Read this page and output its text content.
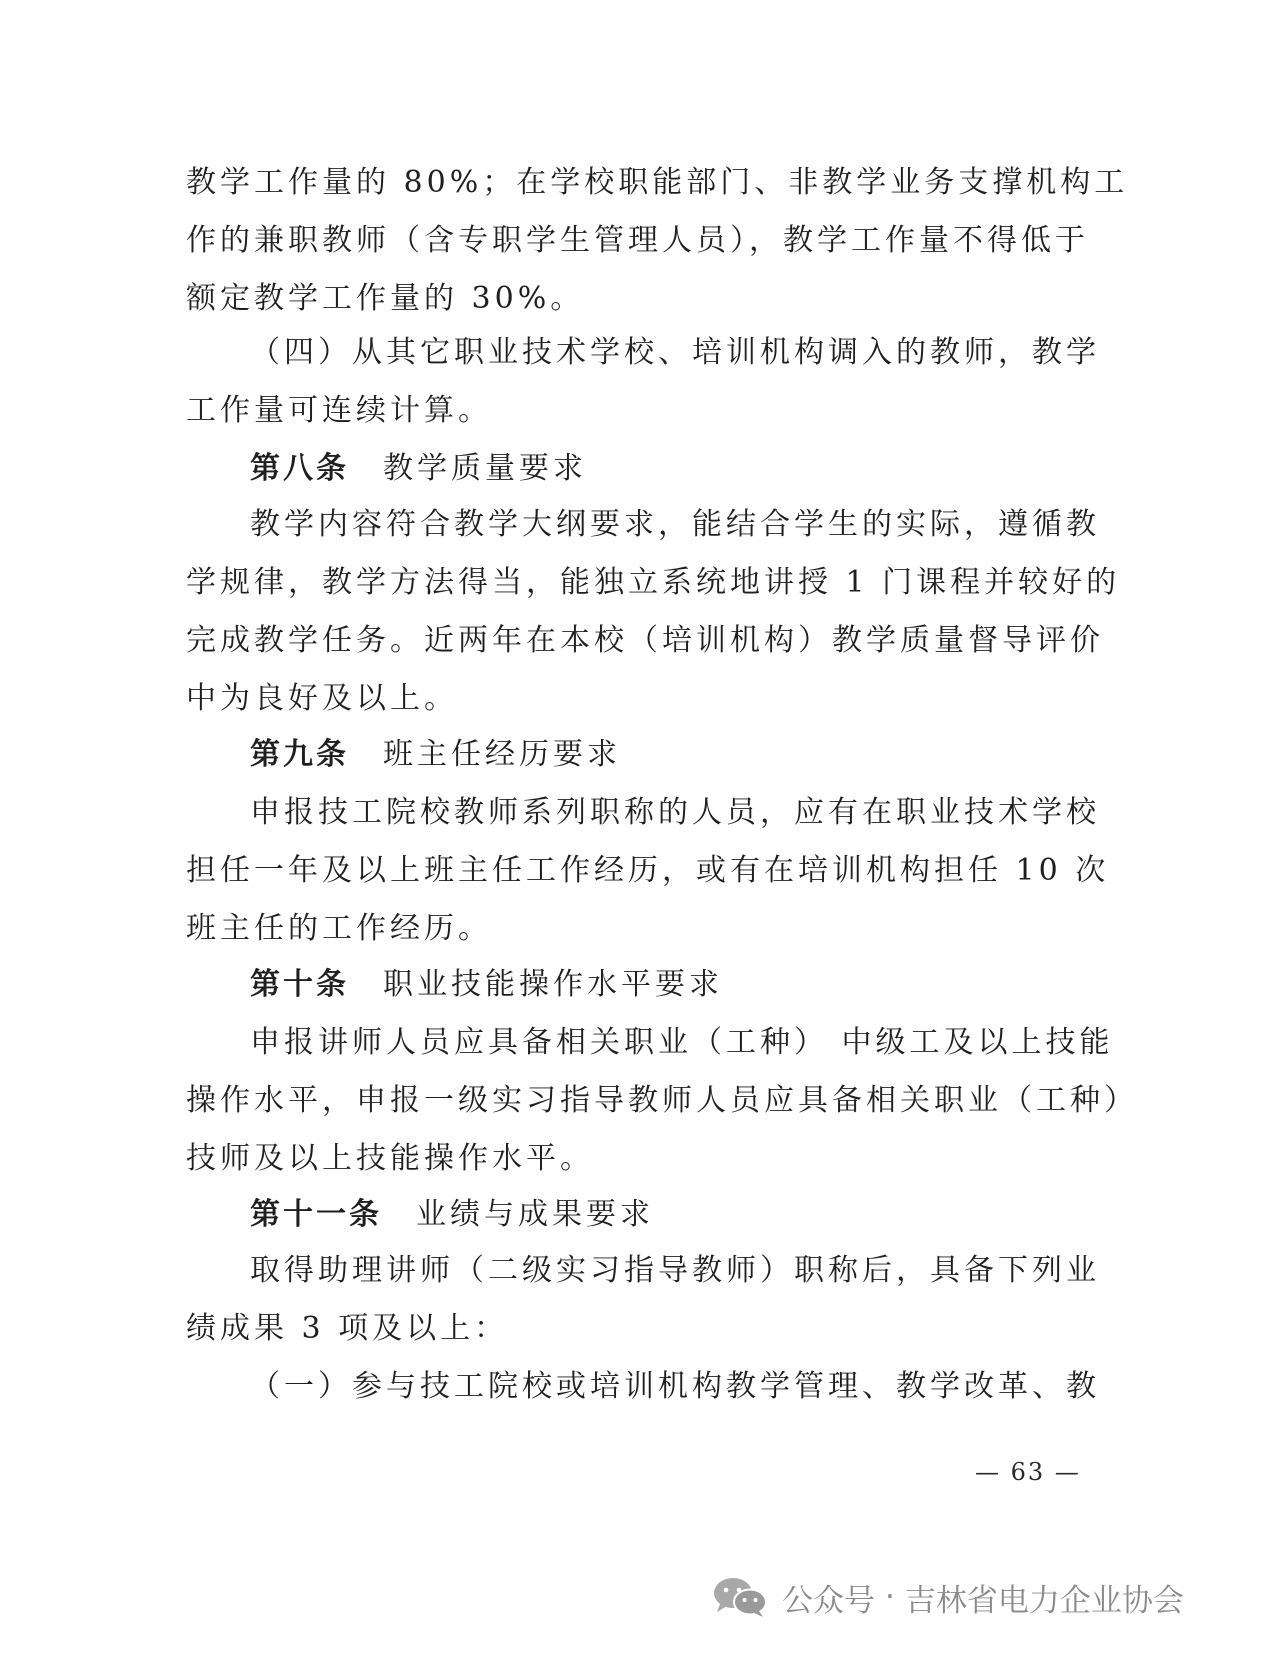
教学工作量的 80%；在学校职能部门、非教学业务支撑机构工
作的兼职教师（含专职学生管理人员），教学工作量不得低于
额定教学工作量的 30%。
（四）从其它职业技术学校、培训机构调入的教师，教学
工作量可连续计算。
第八条 教学质量要求
教学内容符合教学大纲要求，能结合学生的实际，遵循教
学规律，教学方法得当，能独立系统地讲授 1 门课程并较好的
完成教学任务。近两年在本校（培训机构）教学质量督导评价
中为良好及以上。
第九条 班主任经历要求
申报技工院校教师系列职称的人员，应有在职业技术学校
担任一年及以上班主任工作经历，或有在培训机构担任 10 次
班主任的工作经历。
第十条 职业技能操作水平要求
申报讲师人员应具备相关职业（工种） 中级工及以上技能
操作水平，申报一级实习指导教师人员应具备相关职业（工种）
技师及以上技能操作水平。
第十一条 业绩与成果要求
取得助理讲师（二级实习指导教师）职称后，具备下列业
绩成果 3 项及以上：
（一）参与技工院校或培训机构教学管理、教学改革、教
— 63 —
公众号 · 吉林省电力企业协会
